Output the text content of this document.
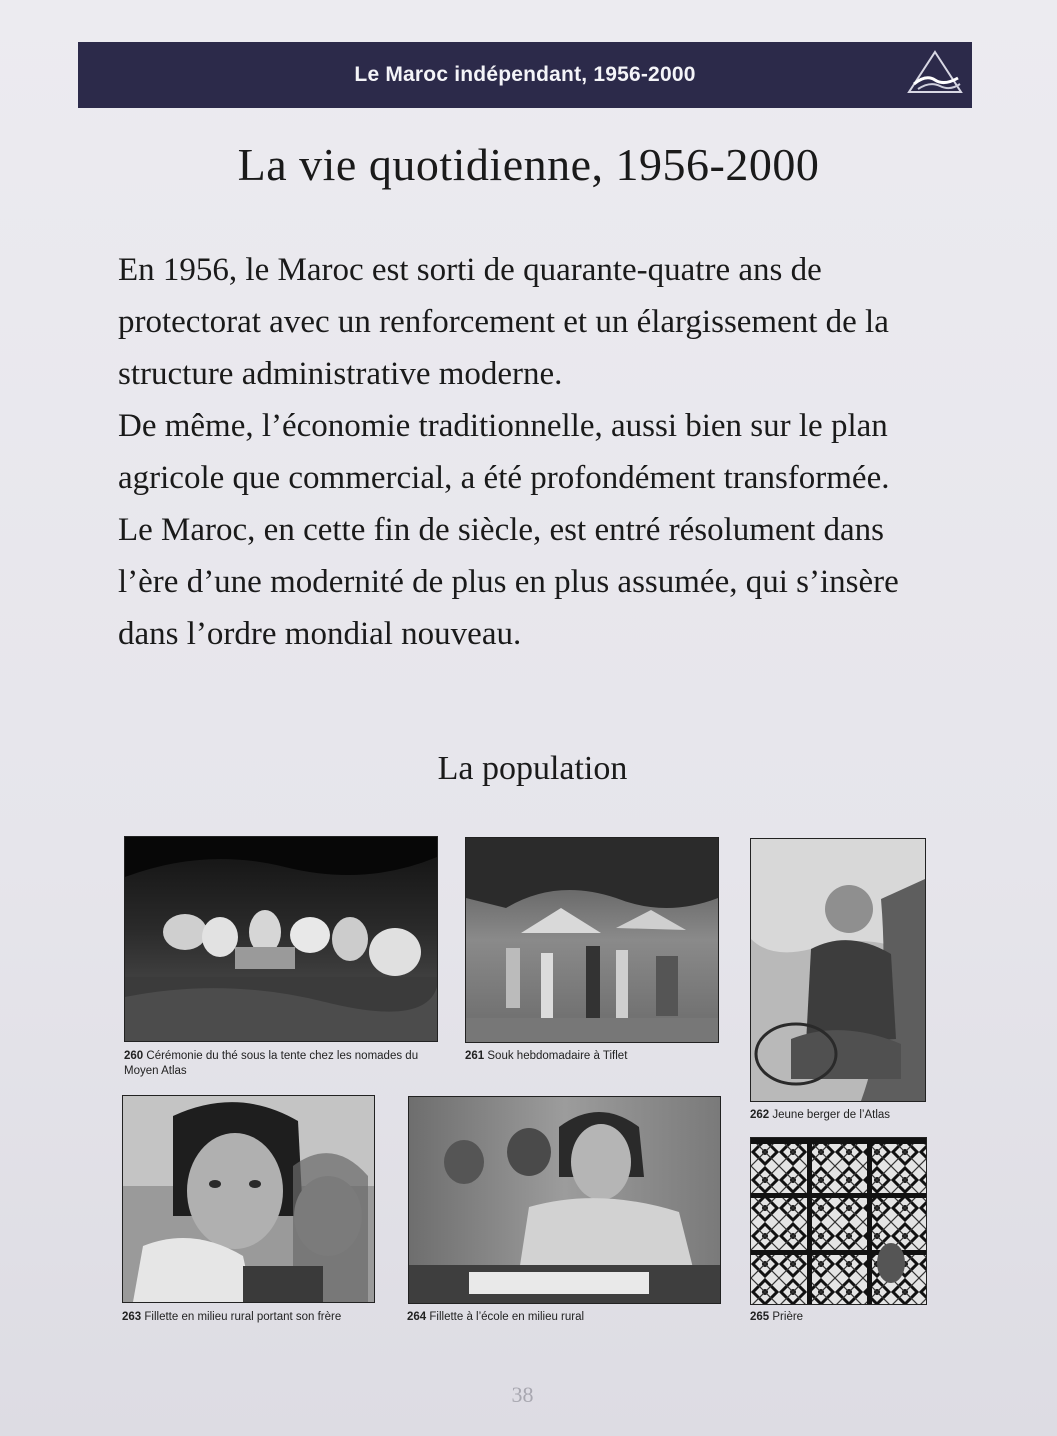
Le Maroc indépendant, 1956-2000
La vie quotidienne, 1956-2000

En 1956, le Maroc est sorti de quarante-quatre ans de protectorat avec un renforcement et un élargissement de la structure administrative moderne.

De même, l’économie traditionnelle, aussi bien sur le plan agricole que commercial, a été profondément transformée.

Le Maroc, en cette fin de siècle, est entré résolument dans l’ère d’une modernité de plus en plus assumée, qui s’insère dans l’ordre mondial nouveau.

La population
260 Cérémonie du thé sous la tente chez les nomades du Moyen Atlas
261 Souk hebdomadaire à Tiflet
262 Jeune berger de l’Atlas
263 Fillette en milieu rural portant son frère	264 Fillette à l’école en milieu rural	265 Prière
38
